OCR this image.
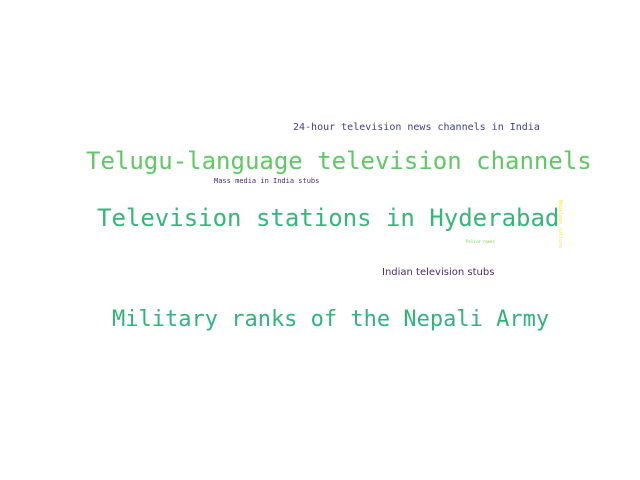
24-hour television news channels in India
Telugu-language television channels
Mass media in India stubs
Television stations in Hyderabad
Police ranks
Indian television stubs
Military ranks of the Nepali Army
Nepalese culture
